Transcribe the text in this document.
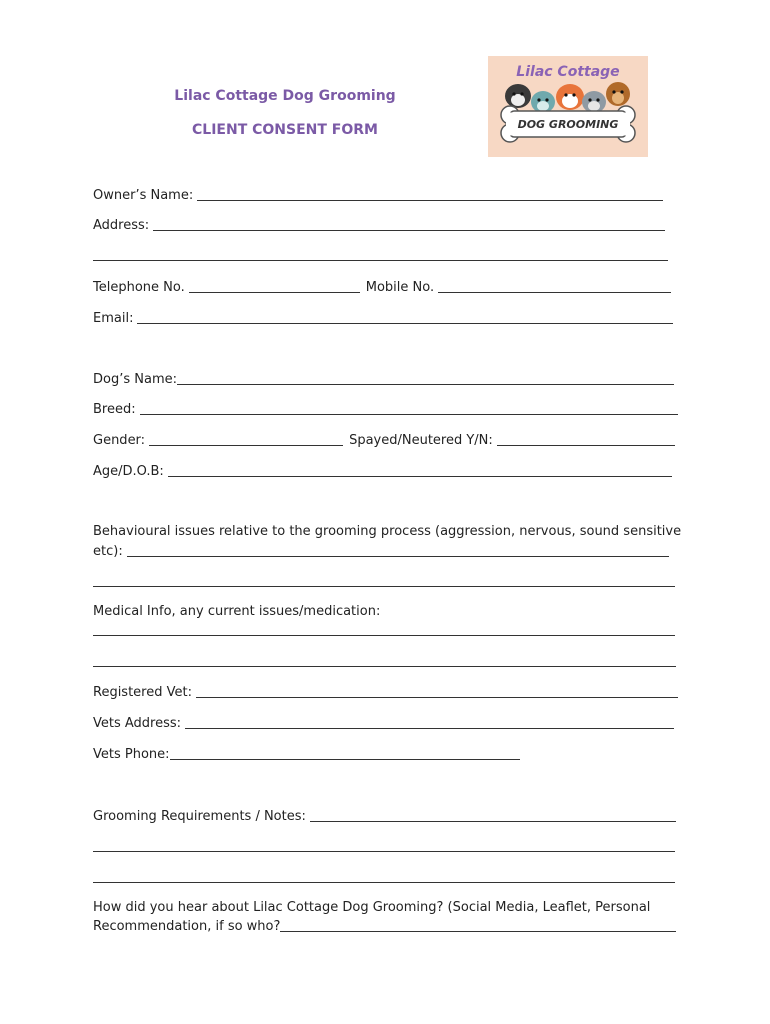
Lilac Cottage Dog Grooming
CLIENT CONSENT FORM
Lilac Cottage
DOG GROOMING
Owner’s Name:
Address:
Telephone No.	Mobile No.
Email:
Dog’s Name:
Breed:
Gender:	Spayed/Neutered Y/N:
Age/D.O.B:

Behavioural issues relative to the grooming process (aggression, nervous, sound sensitive

etc):

Medical Info, any current issues/medication:

Registered Vet:
Vets Address:
Vets Phone:
Grooming Requirements / Notes:

How did you hear about Lilac Cottage Dog Grooming? (Social Media, Leaflet, Personal

Recommendation, if so who?
